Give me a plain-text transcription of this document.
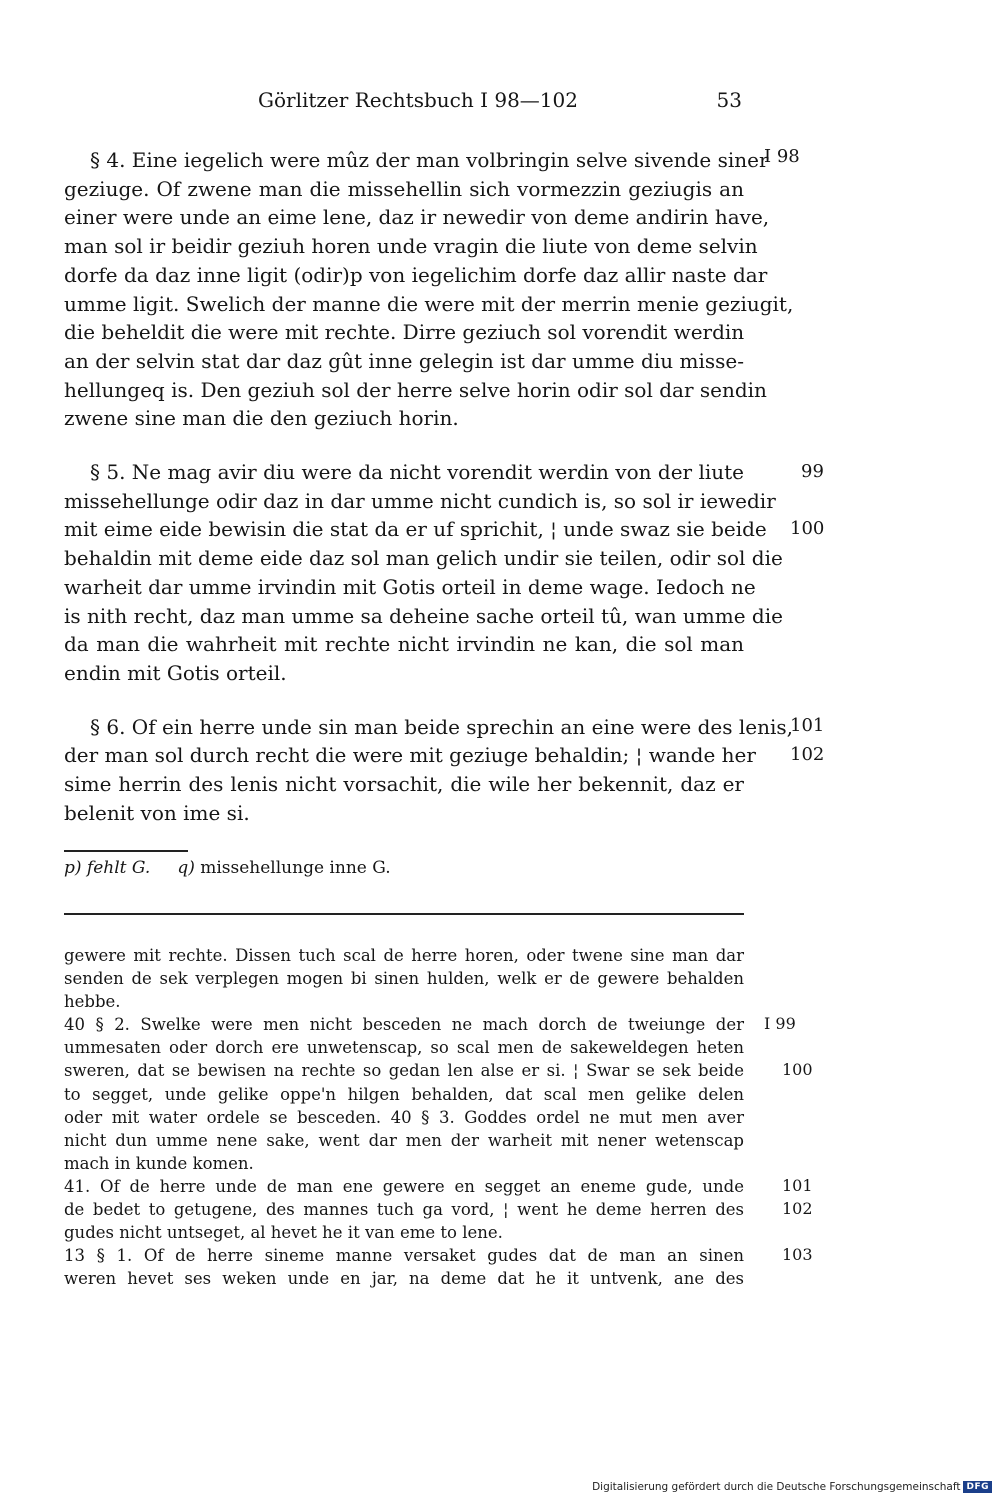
Görlitzer Rechtsbuch I 98—102	53
§ 4. Eine iegelich were mûz der man volbringin selve sivende siner
geziuge. Of zwene man die missehellin sich vormezzin geziugis an
einer were unde an eime lene, daz ir newedir von deme andirin have,
man sol ir beidir geziuh horen unde vragin die liute von deme selvin
dorfe da daz inne ligit (odir)p von iegelichim dorfe daz allir naste dar
umme ligit. Swelich der manne die were mit der merrin menie geziugit,
die beheldit die were mit rechte. Dirre geziuch sol vorendit werdin
an der selvin stat dar daz gût inne gelegin ist dar umme diu misse-
hellungeq is. Den geziuh sol der herre selve horin odir sol dar sendin
zwene sine man die den geziuch horin.
§ 5. Ne mag avir diu were da nicht vorendit werdin von der liute
missehellunge odir daz in dar umme nicht cundich is, so sol ir iewedir
mit eime eide bewisin die stat da er uf sprichit, ¦ unde swaz sie beide
behaldin mit deme eide daz sol man gelich undir sie teilen, odir sol die
warheit dar umme irvindin mit Gotis orteil in deme wage. Iedoch ne
is nith recht, daz man umme sa deheine sache orteil tû, wan umme die
da man die wahrheit mit rechte nicht irvindin ne kan, die sol man
endin mit Gotis orteil.
§ 6. Of ein herre unde sin man beide sprechin an eine were des lenis,
der man sol durch recht die were mit geziuge behaldin; ¦ wande her
sime herrin des lenis nicht vorsachit, die wile her bekennit, daz er
belenit von ime si.
I 98
99
100
101
102
p) fehlt G. q) missehellunge inne G.
gewere mit rechte. Dissen tuch scal de herre horen, oder twene sine man dar
senden de sek verplegen mogen bi sinen hulden, welk er de gewere behalden
hebbe.
40 § 2. Swelke were men nicht besceden ne mach dorch de tweiunge der
ummesaten oder dorch ere unwetenscap, so scal men de sakeweldegen heten
sweren, dat se bewisen na rechte so gedan len alse er si. ¦ Swar se sek beide
to segget, unde gelike oppe'n hilgen behalden, dat scal men gelike delen
oder mit water ordele se besceden. 40 § 3. Goddes ordel ne mut men aver
nicht dun umme nene sake, went dar men der warheit mit nener wetenscap
mach in kunde komen.
41. Of de herre unde de man ene gewere en segget an eneme gude, unde
de bedet to getugene, des mannes tuch ga vord, ¦ went he deme herren des
gudes nicht untseget, al hevet he it van eme to lene.
13 § 1. Of de herre sineme manne versaket gudes dat de man an sinen
weren hevet ses weken unde en jar, na deme dat he it untvenk, ane des
I 99
100
101
102
103
Digitalisierung gefördert durch die Deutsche Forschungsgemeinschaft DFG
